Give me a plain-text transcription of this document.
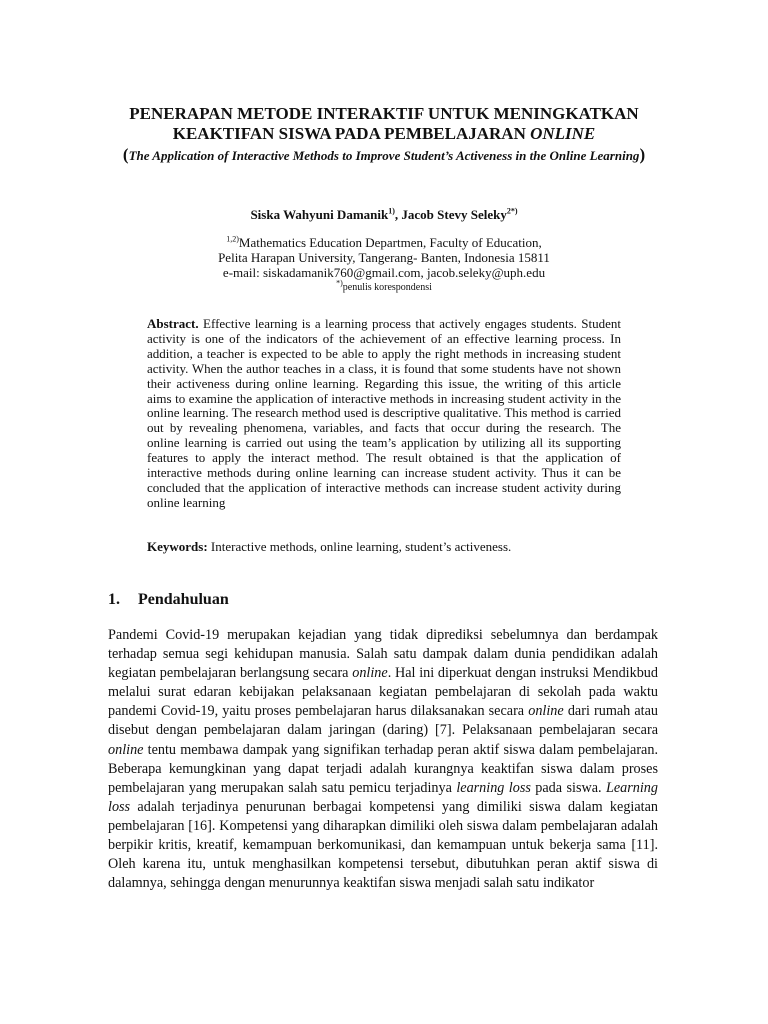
PENERAPAN METODE INTERAKTIF UNTUK MENINGKATKAN
KEAKTIFAN SISWA PADA PEMBELAJARAN ONLINE
(The Application of Interactive Methods to Improve Student’s Activeness in the Online Learning)
Siska Wahyuni Damanik$^{1)}$, Jacob Stevy Seleky$^{2*)}$
$^{1,2)}$Mathematics Education Departmen, Faculty of Education,
Pelita Harapan University, Tangerang- Banten, Indonesia 15811
e-mail: siskadamanik760@gmail.com, jacob.seleky@uph.edu
*)penulis korespondensi
Abstract. Effective learning is a learning process that actively engages students. Student activity is one of the indicators of the achievement of an effective learning process. In addition, a teacher is expected to be able to apply the right methods in increasing student activity. When the author teaches in a class, it is found that some students have not shown their activeness during online learning. Regarding this issue, the writing of this article aims to examine the application of interactive methods in increasing student activity in the online learning. The research method used is descriptive qualitative. This method is carried out by revealing phenomena, variables, and facts that occur during the research. The online learning is carried out using the team’s application by utilizing all its supporting features to apply the interact method. The result obtained is that the application of interactive methods during online learning can increase student activity. Thus it can be concluded that the application of interactive methods can increase student activity during online learning
Keywords: Interactive methods, online learning, student’s activeness.
1. Pendahuluan
Pandemi Covid-19 merupakan kejadian yang tidak diprediksi sebelumnya dan berdampak terhadap semua segi kehidupan manusia. Salah satu dampak dalam dunia pendidikan adalah kegiatan pembelajaran berlangsung secara online. Hal ini diperkuat dengan instruksi Mendikbud melalui surat edaran kebijakan pelaksanaan kegiatan pembelajaran di sekolah pada waktu pandemi Covid-19, yaitu proses pembelajaran harus dilaksanakan secara online dari rumah atau disebut dengan pembelajaran dalam jaringan (daring) [7]. Pelaksanaan pembelajaran secara online tentu membawa dampak yang signifikan terhadap peran aktif siswa dalam pembelajaran. Beberapa kemungkinan yang dapat terjadi adalah kurangnya keaktifan siswa dalam proses pembelajaran yang merupakan salah satu pemicu terjadinya learning loss pada siswa. Learning loss adalah terjadinya penurunan berbagai kompetensi yang dimiliki siswa dalam kegiatan pembelajaran [16]. Kompetensi yang diharapkan dimiliki oleh siswa dalam pembelajaran adalah berpikir kritis, kreatif, kemampuan berkomunikasi, dan kemampuan untuk bekerja sama [11]. Oleh karena itu, untuk menghasilkan kompetensi tersebut, dibutuhkan peran aktif siswa di dalamnya, sehingga dengan menurunnya keaktifan siswa menjadi salah satu indikator
